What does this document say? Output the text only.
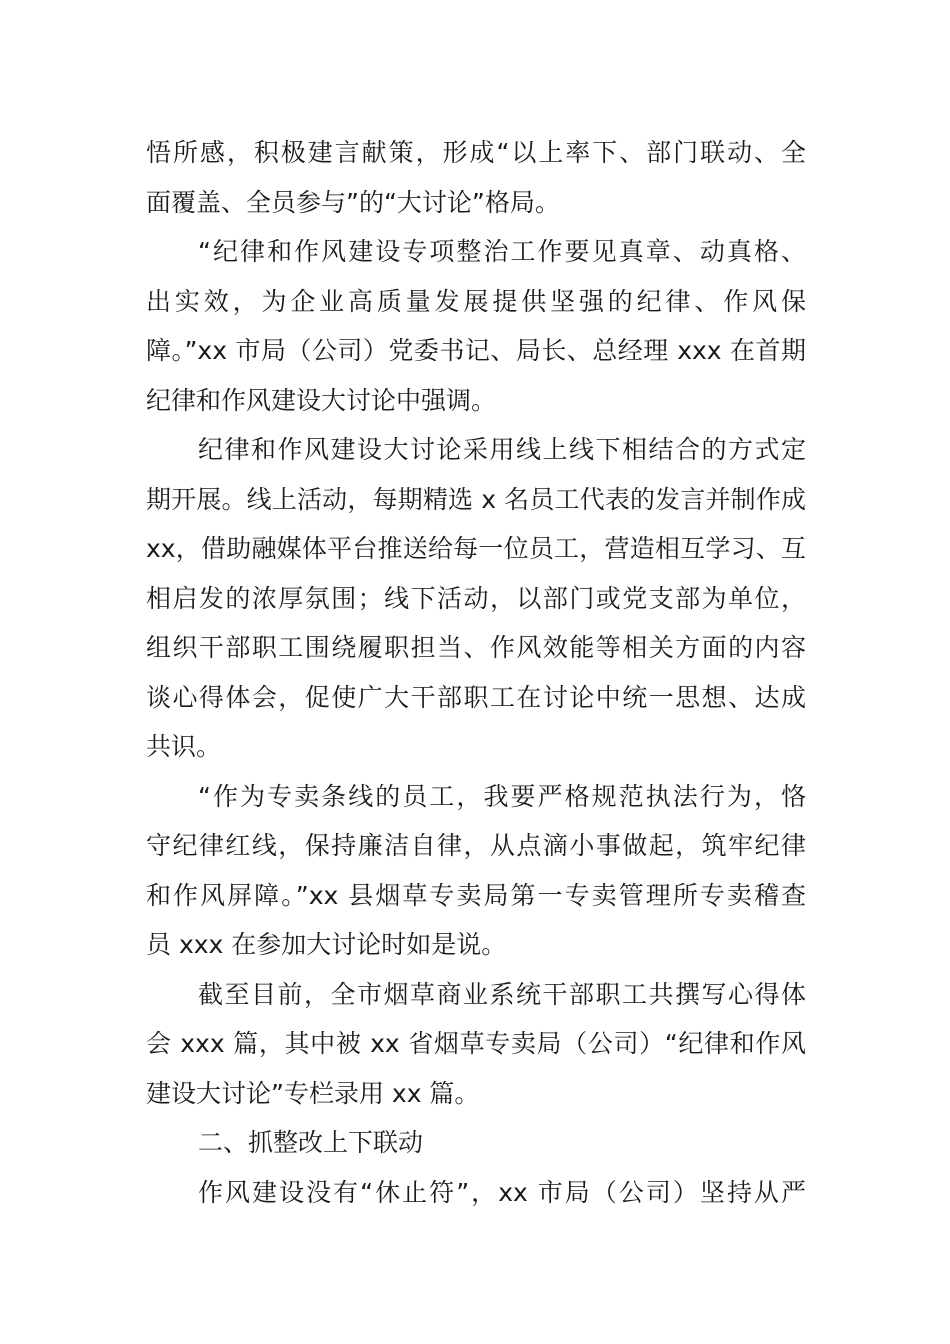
悟所感，积极建言献策，形成“以上率下、部门联动、全
面覆盖、全员参与”的“大讨论”格局。
“纪律和作风建设专项整治工作要见真章、动真格、
出实效，为企业高质量发展提供坚强的纪律、作风保
障。”xx 市局（公司）党委书记、局长、总经理 xxx 在首期
纪律和作风建设大讨论中强调。
纪律和作风建设大讨论采用线上线下相结合的方式定
期开展。线上活动，每期精选 x 名员工代表的发言并制作成
xx，借助融媒体平台推送给每一位员工，营造相互学习、互
相启发的浓厚氛围；线下活动，以部门或党支部为单位，
组织干部职工围绕履职担当、作风效能等相关方面的内容
谈心得体会，促使广大干部职工在讨论中统一思想、达成
共识。
“作为专卖条线的员工，我要严格规范执法行为，恪
守纪律红线，保持廉洁自律，从点滴小事做起，筑牢纪律
和作风屏障。”xx 县烟草专卖局第一专卖管理所专卖稽查
员 xxx 在参加大讨论时如是说。
截至目前，全市烟草商业系统干部职工共撰写心得体
会 xxx 篇，其中被 xx 省烟草专卖局（公司）“纪律和作风
建设大讨论”专栏录用 xx 篇。
二、抓整改上下联动
作风建设没有“休止符”，xx 市局（公司）坚持从严
